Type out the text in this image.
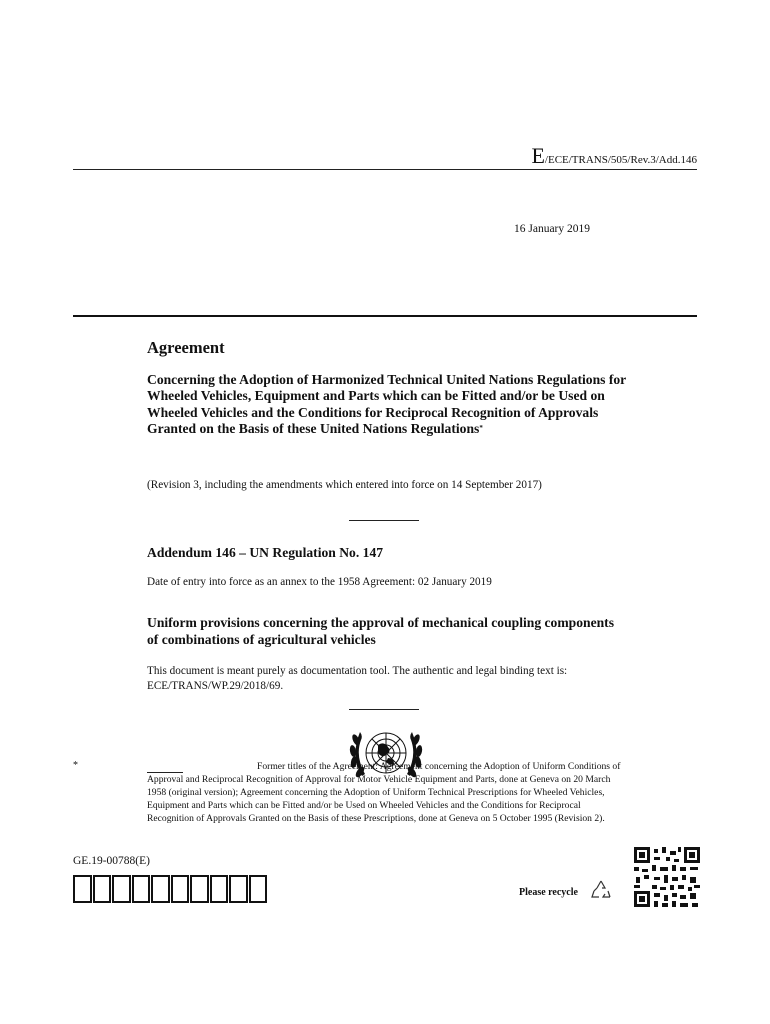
E/ECE/TRANS/505/Rev.3/Add.146
16 January 2019
Agreement
Concerning the Adoption of Harmonized Technical United Nations Regulations for Wheeled Vehicles, Equipment and Parts which can be Fitted and/or be Used on Wheeled Vehicles and the Conditions for Reciprocal Recognition of Approvals Granted on the Basis of these United Nations Regulations*
(Revision 3, including the amendments which entered into force on 14 September 2017)
Addendum 146 – UN Regulation No. 147
Date of entry into force as an annex to the 1958 Agreement: 02 January 2019
Uniform provisions concerning the approval of mechanical coupling components of combinations of agricultural vehicles
This document is meant purely as documentation tool. The authentic and legal binding text is: ECE/TRANS/WP.29/2018/69.
*	Former titles of the Agreement: Agreement concerning the Adoption of Uniform Conditions of Approval and Reciprocal Recognition of Approval for Motor Vehicle Equipment and Parts, done at Geneva on 20 March 1958 (original version); Agreement concerning the Adoption of Uniform Technical Prescriptions for Wheeled Vehicles, Equipment and Parts which can be Fitted and/or be Used on Wheeled Vehicles and the Conditions for Reciprocal Recognition of Approvals Granted on the Basis of these Prescriptions, done at Geneva on 5 October 1995 (Revision 2).
GE.19-00788(E)
Please recycle
